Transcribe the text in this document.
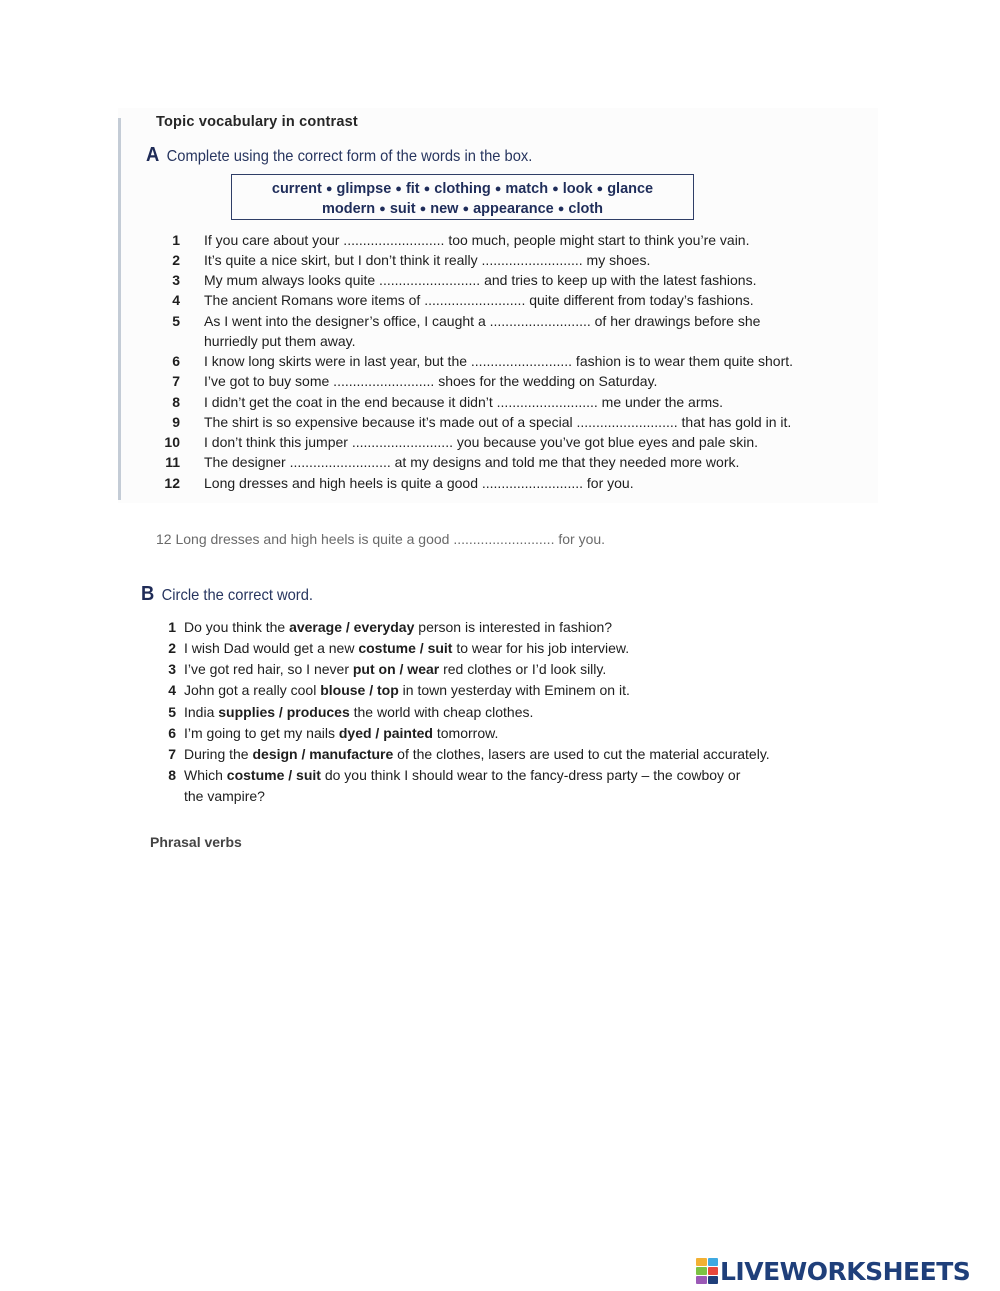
Topic vocabulary in contrast
A Complete using the correct form of the words in the box.
current ● glimpse ● fit ● clothing ● match ● look ● glance
modern ● suit ● new ● appearance ● cloth
1 If you care about your .......................... too much, people might start to think you’re vain.
2 It’s quite a nice skirt, but I don’t think it really .......................... my shoes.
3 My mum always looks quite .......................... and tries to keep up with the latest fashions.
4 The ancient Romans wore items of .......................... quite different from today’s fashions.
5 As I went into the designer’s office, I caught a .......................... of her drawings before she
hurriedly put them away.
6 I know long skirts were in last year, but the .......................... fashion is to wear them quite short.
7 I’ve got to buy some .......................... shoes for the wedding on Saturday.
8 I didn’t get the coat in the end because it didn’t .......................... me under the arms.
9 The shirt is so expensive because it’s made out of a special .......................... that has gold in it.
10 I don’t think this jumper .......................... you because you’ve got blue eyes and pale skin.
11 The designer .......................... at my designs and told me that they needed more work.
12 Long dresses and high heels is quite a good .......................... for you.
12 Long dresses and high heels is quite a good .......................... for you.
B Circle the correct word.
1 Do you think the average / everyday person is interested in fashion?
2 I wish Dad would get a new costume / suit to wear for his job interview.
3 I’ve got red hair, so I never put on / wear red clothes or I’d look silly.
4 John got a really cool blouse / top in town yesterday with Eminem on it.
5 India supplies / produces the world with cheap clothes.
6 I’m going to get my nails dyed / painted tomorrow.
7 During the design / manufacture of the clothes, lasers are used to cut the material accurately.
8 Which costume / suit do you think I should wear to the fancy-dress party – the cowboy or
the vampire?
Phrasal verbs
LIVEWORKSHEETS
